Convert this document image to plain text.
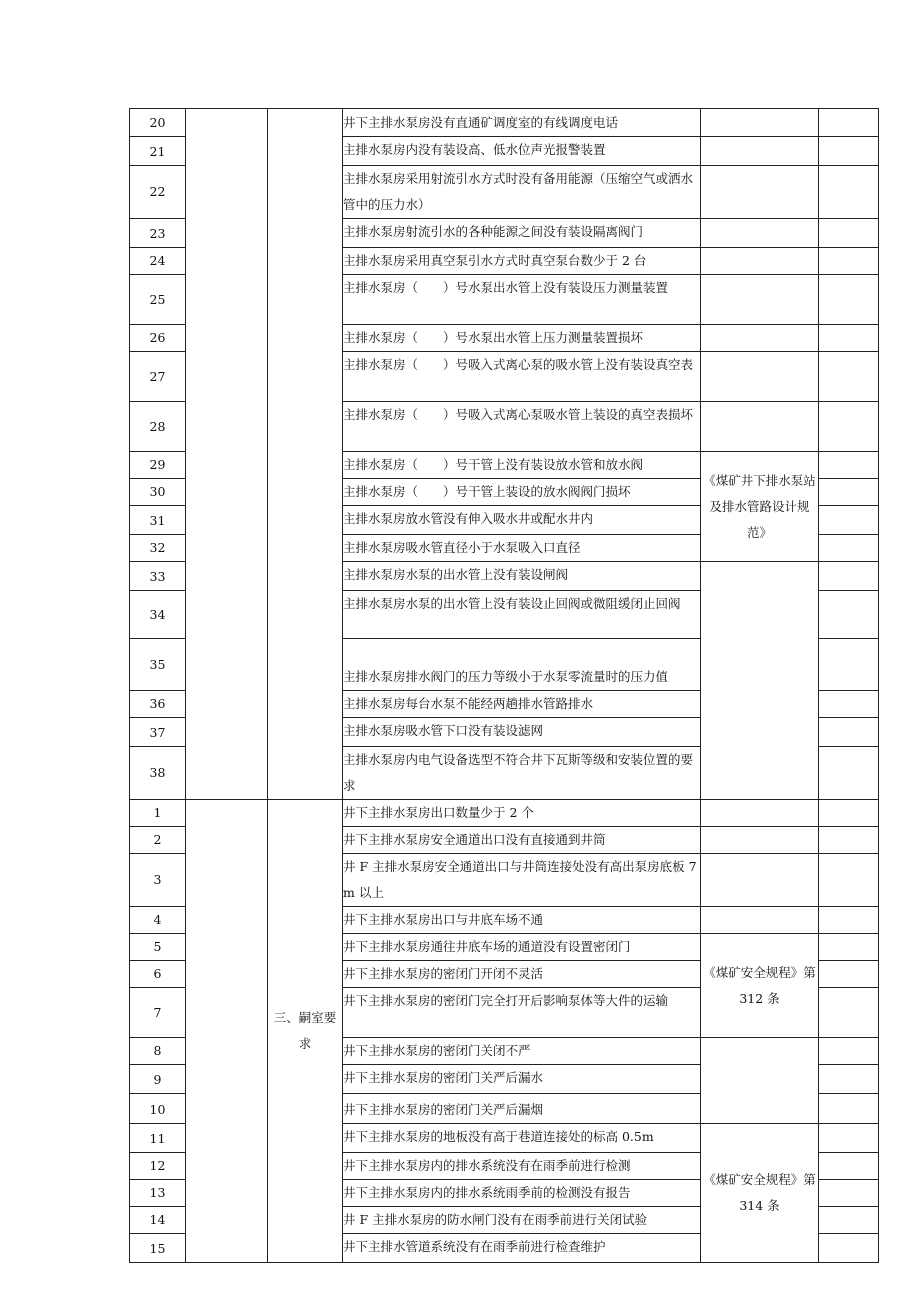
20			井下主排水泵房没有直通矿调度室的有线调度电话		
21			主排水泵房内没有装设高、低水位声光报警装置		
22			主排水泵房采用射流引水方式时没有备用能源（压缩空气或洒水管中的压力水）		
23			主排水泵房射流引水的各种能源之间没有装设隔离阀门		
24			主排水泵房采用真空泵引水方式时真空泵台数少于 2 台		
25			主排水泵房（　　）号水泵出水管上没有装设压力测量装置		
26			主排水泵房（　　）号水泵出水管上压力测量装置损坏		
27			主排水泵房（　　）号吸入式离心泵的吸水管上没有装设真空表		
28			主排水泵房（　　）号吸入式离心泵吸水管上装设的真空表损坏		
29			主排水泵房（　　）号干管上没有装设放水管和放水阀	《煤矿井下排水泵站及排水管路设计规范》	
30			主排水泵房（　　）号干管上装设的放水阀阀门损坏		
31			主排水泵房放水管没有伸入吸水井或配水井内		
32			主排水泵房吸水管直径小于水泵吸入口直径		
33			主排水泵房水泵的出水管上没有装设闸阀		
34			主排水泵房水泵的出水管上没有装设止回阀或微阻缓闭止回阀		
35			主排水泵房排水阀门的压力等级小于水泵零流量时的压力值		
36			主排水泵房每台水泵不能经两趟排水管路排水		
37			主排水泵房吸水管下口没有装设滤网		
38			主排水泵房内电气设备选型不符合井下瓦斯等级和安装位置的要求		
1		三、嗣室要求	井下主排水泵房出口数量少于 2 个		
2			井下主排水泵房安全通道出口没有直接通到井筒		
3			井 F 主排水泵房安全通道出口与井筒连接处没有高出泵房底板 7m 以上		
4			井下主排水泵房出口与井底车场不通		
5			井下主排水泵房通往井底车场的通道没有设置密闭门	《煤矿安全规程》第 312 条	
6			井下主排水泵房的密闭门开闭不灵活		
7			井下主排水泵房的密闭门完全打开后影响泵体等大件的运输		
8			井下主排水泵房的密闭门关闭不严		
9			井下主排水泵房的密闭门关严后漏水		
10			井下主排水泵房的密闭门关严后漏烟		
11			井下主排水泵房的地板没有高于巷道连接处的标高 0.5m	《煤矿安全规程》第 314 条	
12			井下主排水泵房内的排水系统没有在雨季前进行检测		
13			井下主排水泵房内的排水系统雨季前的检测没有报告		
14			井 F 主排水泵房的防水闸门没有在雨季前进行关闭试验		
15			井下主排水管道系统没有在雨季前进行检查维护		
